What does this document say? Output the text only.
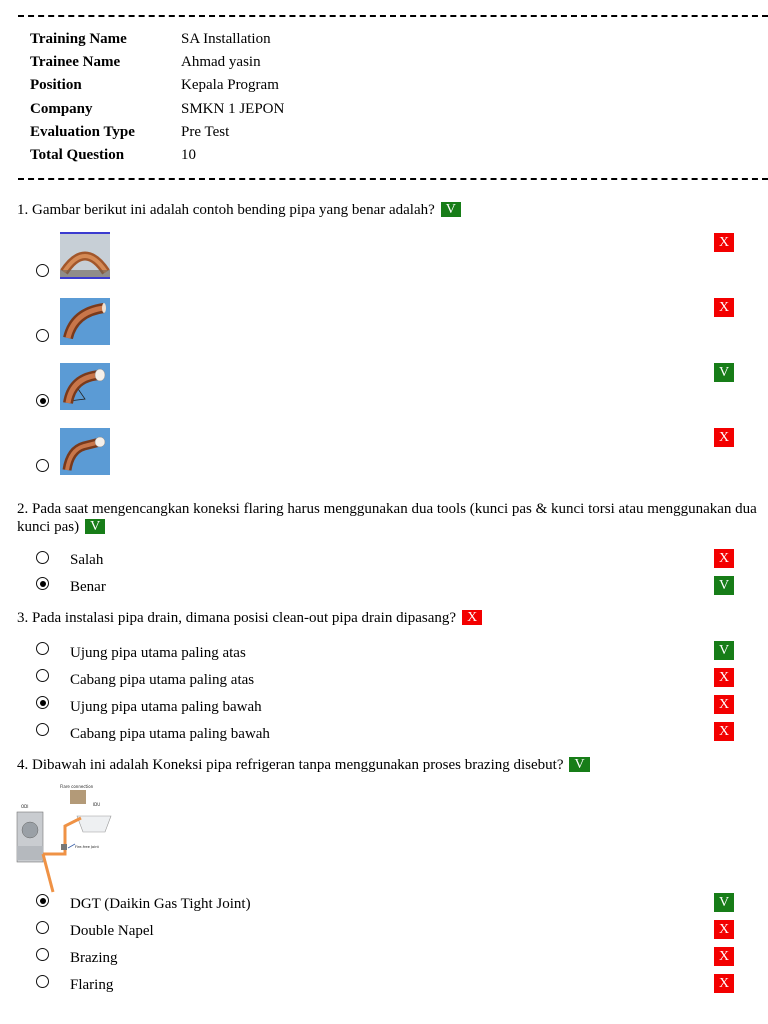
Training Name	SA Installation
Trainee Name	Ahmad yasin
Position	Kepala Program
Company	SMKN 1 JEPON
Evaluation Type	Pre Test
Total Question	10
1. Gambar berikut ini adalah contoh bending pipa yang benar adalah? V
X
X
V
X
2. Pada saat mengencangkan koneksi flaring harus menggunakan dua tools (kunci pas & kunci torsi atau menggunakan dua kunci pas) V
Salah	X
Benar	V
3. Pada instalasi pipa drain, dimana posisi clean-out pipa drain dipasang? X
Ujung pipa utama paling atas	V
Cabang pipa utama paling atas	X
Ujung pipa utama paling bawah	X
Cabang pipa utama paling bawah	X
4. Dibawah ini adalah Koneksi pipa refrigeran tanpa menggunakan proses brazing disebut? V
ODI	IDU
Flare connection
Fire-free Joint
DGT (Daikin Gas Tight Joint)	V
Double Napel	X
Brazing	X
Flaring	X
